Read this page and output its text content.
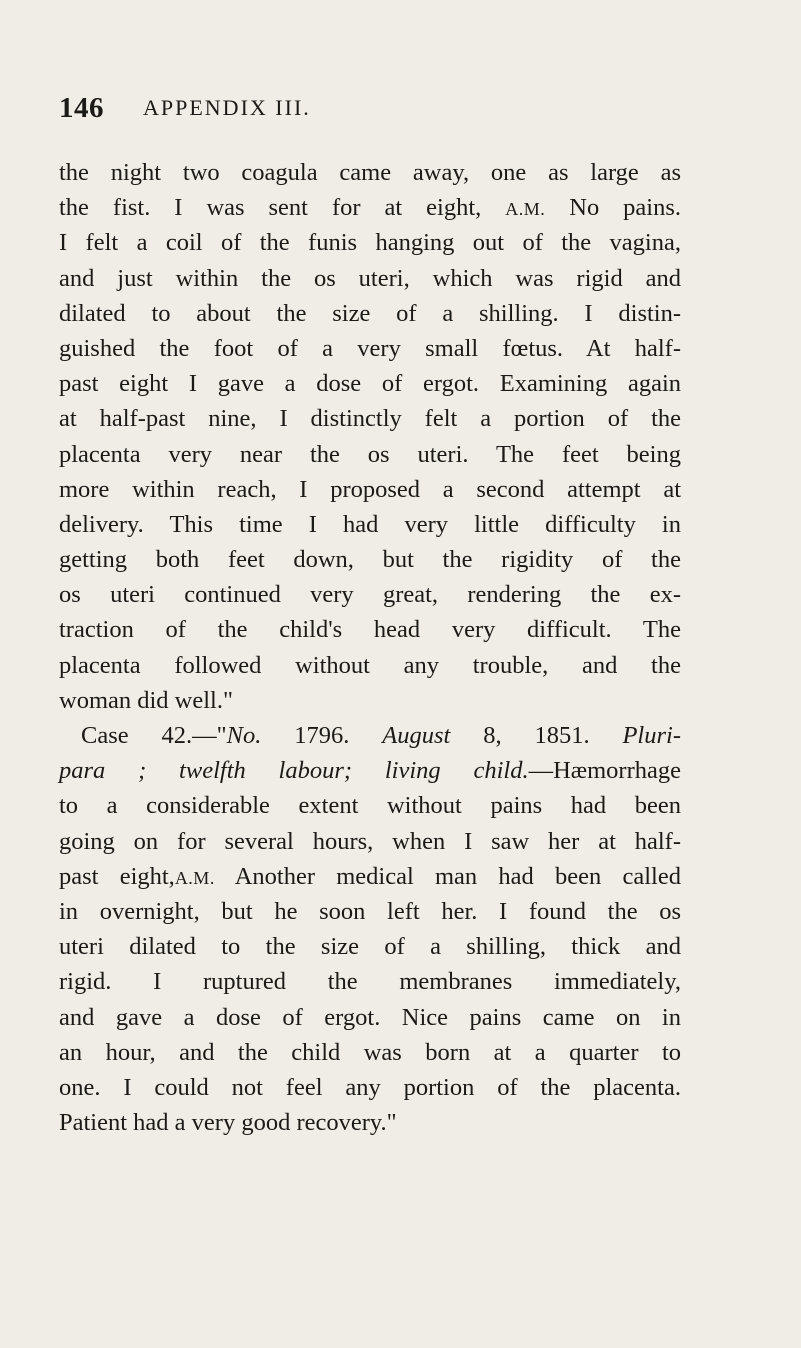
146 APPENDIX III.
the night two coagula came away, one as large as
the fist. I was sent for at eight, A.M. No pains.
I felt a coil of the funis hanging out of the vagina,
and just within the os uteri, which was rigid and
dilated to about the size of a shilling. I distin-
guished the foot of a very small fœtus. At half-
past eight I gave a dose of ergot. Examining again
at half-past nine, I distinctly felt a portion of the
placenta very near the os uteri. The feet being
more within reach, I proposed a second attempt at
delivery. This time I had very little difficulty in
getting both feet down, but the rigidity of the
os uteri continued very great, rendering the ex-
traction of the child's head very difficult. The
placenta followed without any trouble, and the
woman did well."
Case 42.—"No. 1796. August 8, 1851. Pluri-
para ; twelfth labour; living child.—Hæmorrhage
to a considerable extent without pains had been
going on for several hours, when I saw her at half-
past eight,A.M. Another medical man had been called
in overnight, but he soon left her. I found the os
uteri dilated to the size of a shilling, thick and
rigid. I ruptured the membranes immediately,
and gave a dose of ergot. Nice pains came on in
an hour, and the child was born at a quarter to
one. I could not feel any portion of the placenta.
Patient had a very good recovery."
